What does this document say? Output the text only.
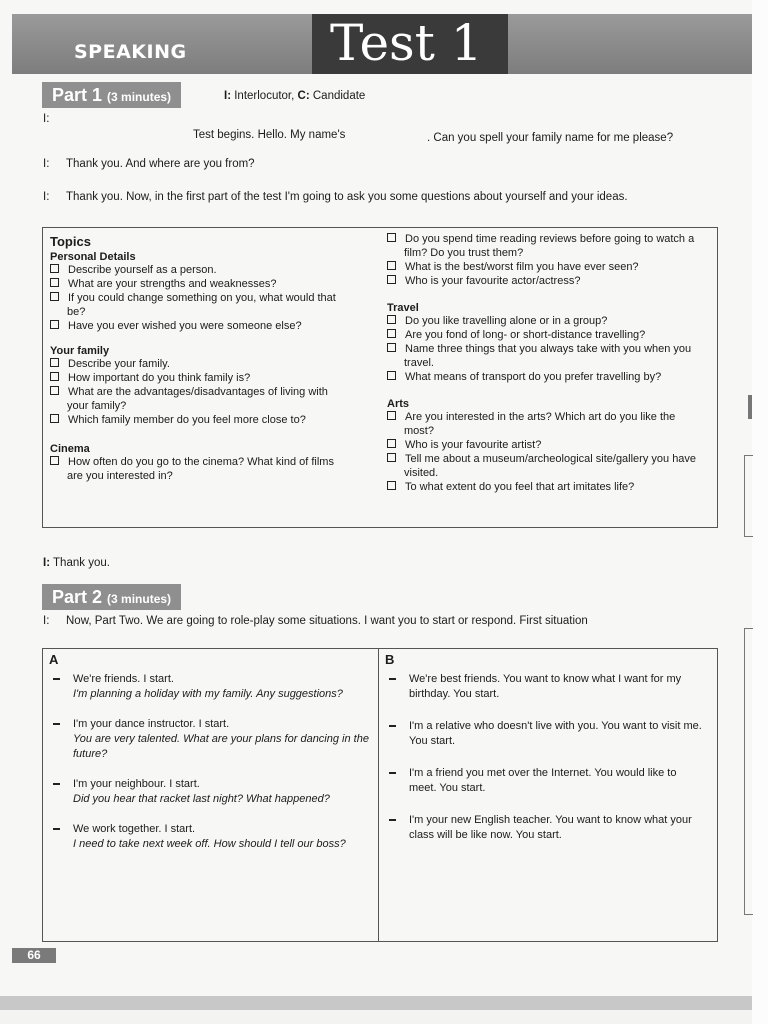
SPEAKING	Test 1
Part 1 (3 minutes)	I: Interlocutor, C: Candidate
I:
Test begins. Hello. My name's	. Can you spell your family name for me please?
I: Thank you. And where are you from?
I: Thank you. Now, in the first part of the test I'm going to ask you some questions about yourself and your ideas.
Topics
Personal Details
Describe yourself as a person.
What are your strengths and weaknesses?
If you could change something on you, what would that be?
Have you ever wished you were someone else?
Your family
Describe your family.
How important do you think family is?
What are the advantages/disadvantages of living with your family?
Which family member do you feel more close to?
Cinema
How often do you go to the cinema? What kind of films are you interested in?
Do you spend time reading reviews before going to watch a film? Do you trust them?
What is the best/worst film you have ever seen?
Who is your favourite actor/actress?
Travel
Do you like travelling alone or in a group?
Are you fond of long- or short-distance travelling?
Name three things that you always take with you when you travel.
What means of transport do you prefer travelling by?
Arts
Are you interested in the arts? Which art do you like the most?
Who is your favourite artist?
Tell me about a museum/archeological site/gallery you have visited.
To what extent do you feel that art imitates life?
I: Thank you.
Part 2 (3 minutes)
I: Now, Part Two. We are going to role-play some situations. I want you to start or respond. First situation
A
We're friends. I start.
I'm planning a holiday with my family. Any suggestions?
I'm your dance instructor. I start.
You are very talented. What are your plans for dancing in the future?
I'm your neighbour. I start.
Did you hear that racket last night? What happened?
We work together. I start.
I need to take next week off. How should I tell our boss?
B
We're best friends. You want to know what I want for my birthday. You start.
I'm a relative who doesn't live with you. You want to visit me. You start.
I'm a friend you met over the Internet. You would like to meet. You start.
I'm your new English teacher. You want to know what your class will be like now. You start.
66
